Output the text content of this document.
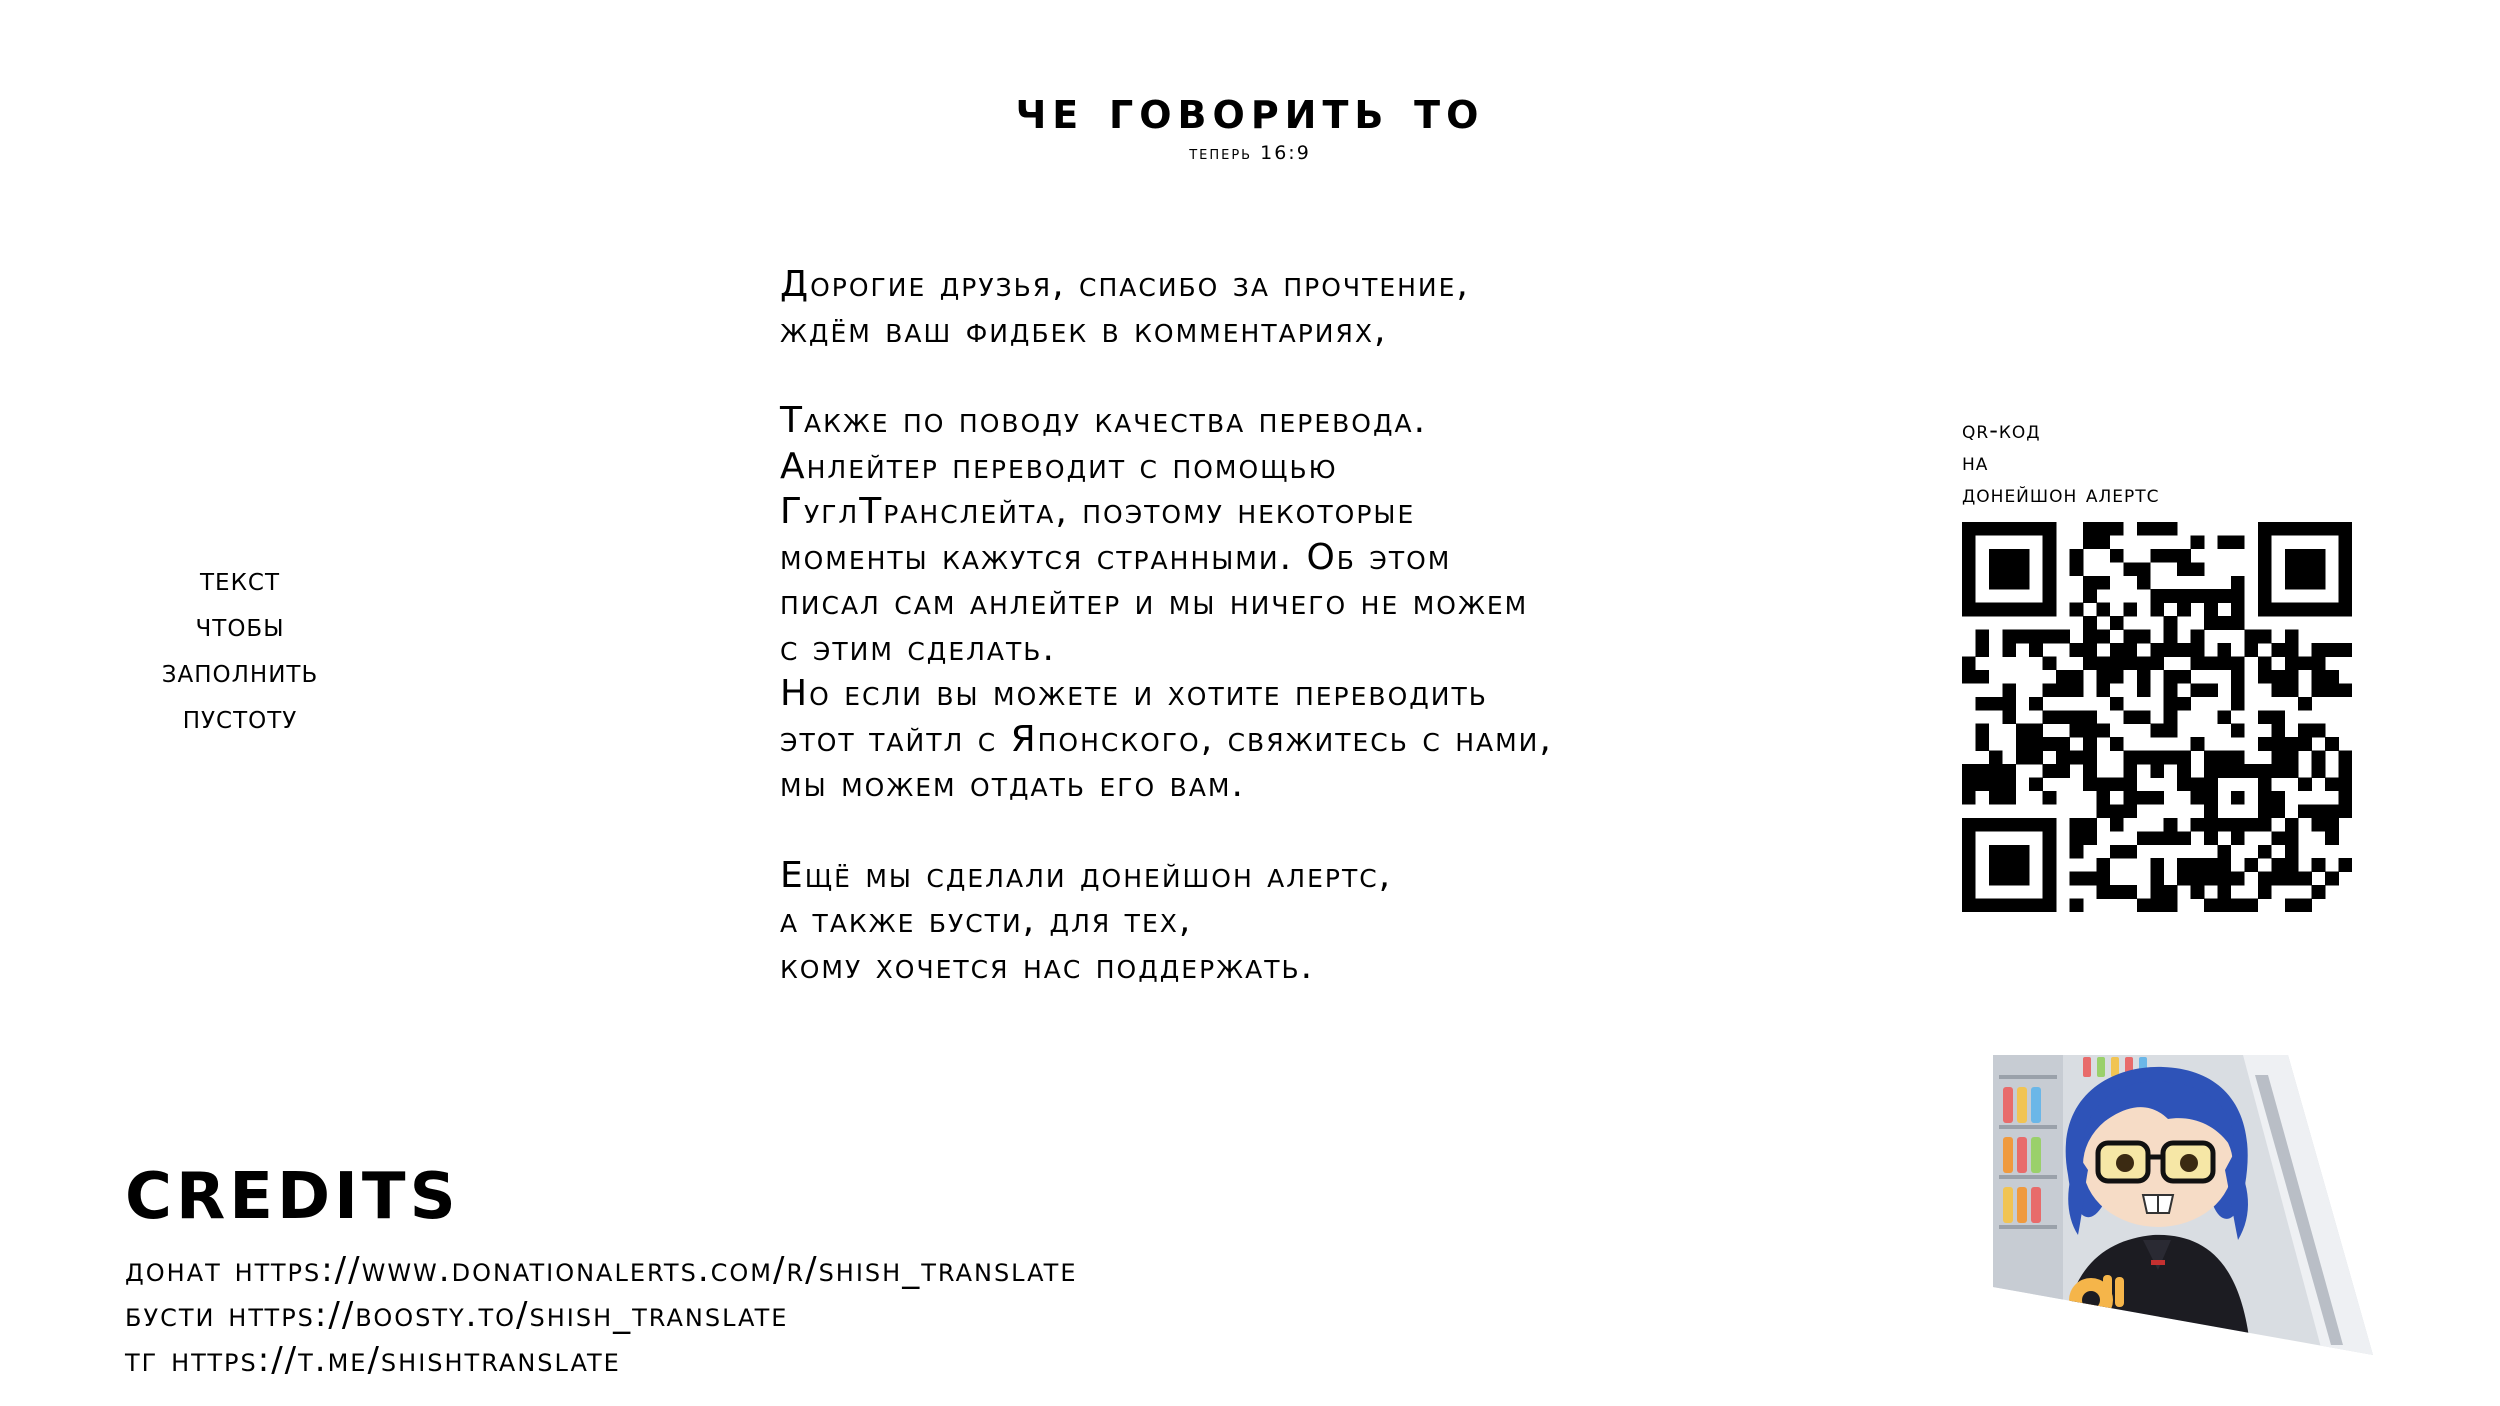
че говорить то
теперь 16:9

Дорогие друзья, спасибо за прочтение,
ждём ваш фидбек в комментариях,

Также по поводу качества перевода.
Анлейтер переводит с помощью
ГуглТранслейта, поэтому некоторые
моменты кажутся странными. Об этом
писал сам анлейтер и мы ничего не можем
с этим сделать.
Но если вы можете и хотите переводить
этот тайтл с Японского, свяжитесь с нами,
мы можем отдать его вам.

Ещё мы сделали донейшон алертс,
а также бусти, для тех,
кому хочется нас поддержать.

текст
чтобы
заполнить
пустоту
qr-код
на
донейшон алертс
CREDITS
донат https://www.donationalerts.com/r/shish_translate
бусти https://boosty.to/shish_translate
тг https://t.me/shishtranslate
